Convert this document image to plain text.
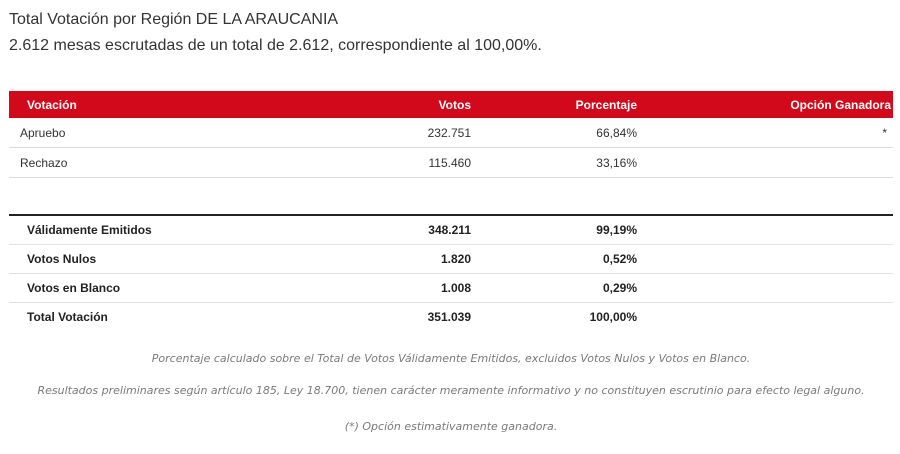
Total Votación por Región DE LA ARAUCANIA
2.612 mesas escrutadas de un total de 2.612, correspondiente al 100,00%.
Votación	Votos	Porcentaje	Opción Ganadora
Apruebo	232.751	66,84%	*
Rechazo	115.460	33,16%	
Válidamente Emitidos	348.211	99,19%	
Votos Nulos	1.820	0,52%	
Votos en Blanco	1.008	0,29%	
Total Votación	351.039	100,00%	
Porcentaje calculado sobre el Total de Votos Válidamente Emitidos, excluidos Votos Nulos y Votos en Blanco.
Resultados preliminares según artículo 185, Ley 18.700, tienen carácter meramente informativo y no constituyen escrutinio para efecto legal alguno.
(*) Opción estimativamente ganadora.
